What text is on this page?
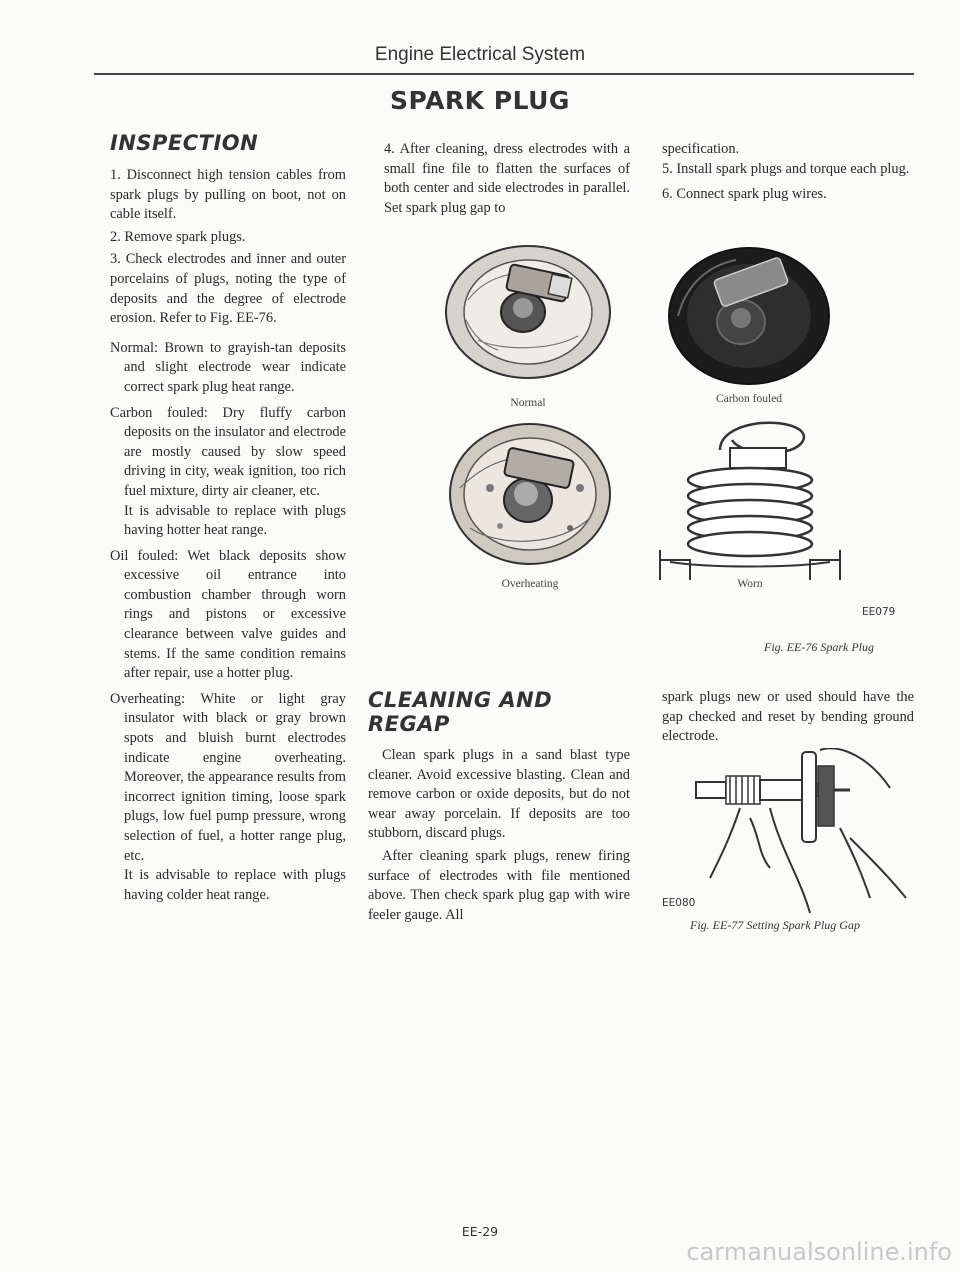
Engine Electrical System
SPARK PLUG
INSPECTION

1. Disconnect high tension cables from spark plugs by pulling on boot, not on cable itself.

2. Remove spark plugs.

3. Check electrodes and inner and outer porcelains of plugs, noting the type of deposits and the degree of electrode erosion. Refer to Fig. EE-76.

Normal: Brown to grayish-tan deposits and slight electrode wear indicate correct spark plug heat range.

Carbon fouled: Dry fluffy carbon deposits on the insulator and electrode are mostly caused by slow speed driving in city, weak ignition, too rich fuel mixture, dirty air cleaner, etc.

It is advisable to replace with plugs having hotter heat range.

Oil fouled: Wet black deposits show excessive oil entrance into combustion chamber through worn rings and pistons or excessive clearance between valve guides and stems. If the same condition remains after repair, use a hotter plug.

Overheating: White or light gray insulator with black or gray brown spots and bluish burnt electrodes indicate engine overheating. Moreover, the appearance results from incorrect ignition timing, loose spark plugs, low fuel pump pressure, wrong selection of fuel, a hotter range plug, etc.

It is advisable to replace with plugs having colder heat range.

4. After cleaning, dress electrodes with a small fine file to flatten the surfaces of both center and side electrodes in parallel. Set spark plug gap to
Normal
Overheating
CLEANING AND
REGAP

Clean spark plugs in a sand blast type cleaner. Avoid excessive blasting. Clean and remove carbon or oxide deposits, but do not wear away porcelain. If deposits are too stubborn, discard plugs.

After cleaning spark plugs, renew firing surface of electrodes with file mentioned above. Then check spark plug gap with wire feeler gauge. All

specification.

5. Install spark plugs and torque each plug.

6. Connect spark plug wires.

Carbon fouled
Worn
EE079
Fig. EE-76 Spark Plug
spark plugs new or used should have the gap checked and reset by bending ground electrode.
EE080
Fig. EE-77 Setting Spark Plug Gap
EE-29
carmanualsonline.info
